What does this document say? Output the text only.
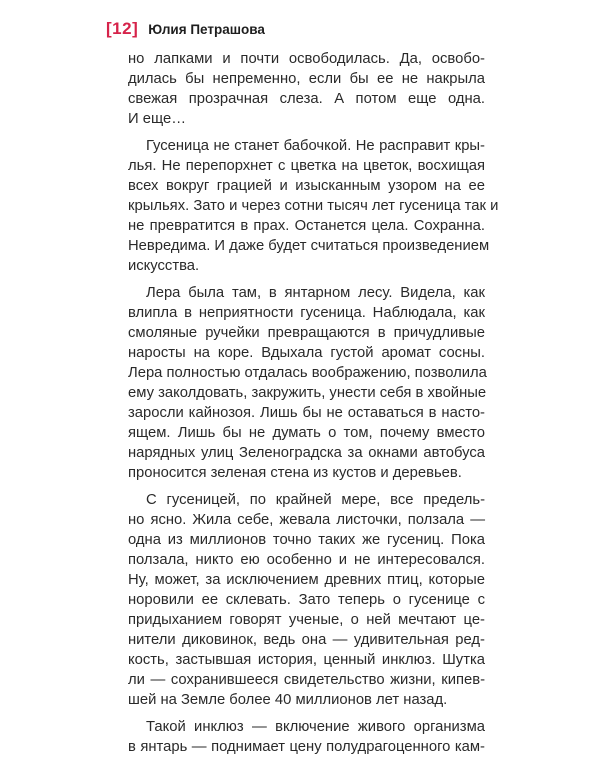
[12] Юлия Петрашова
но лапками и почти освободилась. Да, освобо-
дилась бы непременно, если бы ее не накрыла
свежая прозрачная слеза. А потом еще одна.
И еще…
Гусеница не станет бабочкой. Не расправит кры-
лья. Не перепорхнет с цветка на цветок, восхищая
всех вокруг грацией и изысканным узором на ее
крыльях. Зато и через сотни тысяч лет гусеница так и
не превратится в прах. Останется цела. Сохранна.
Невредима. И даже будет считаться произведением
искусства.
Лера была там, в янтарном лесу. Видела, как
влипла в неприятности гусеница. Наблюдала, как
смоляные ручейки превращаются в причудливые
наросты на коре. Вдыхала густой аромат сосны.
Лера полностью отдалась воображению, позволила
ему заколдовать, закружить, унести себя в хвойные
заросли кайнозоя. Лишь бы не оставаться в насто-
ящем. Лишь бы не думать о том, почему вместо
нарядных улиц Зеленоградска за окнами автобуса
проносится зеленая стена из кустов и деревьев.
С гусеницей, по крайней мере, все предель-
но ясно. Жила себе, жевала листочки, ползала —
одна из миллионов точно таких же гусениц. Пока
ползала, никто ею особенно и не интересовался.
Ну, может, за исключением древних птиц, которые
норовили ее склевать. Зато теперь о гусенице с
придыханием говорят ученые, о ней мечтают це-
нители диковинок, ведь она — удивительная ред-
кость, застывшая история, ценный инклюз. Шутка
ли — сохранившееся свидетельство жизни, кипев-
шей на Земле более 40 миллионов лет назад.
Такой инклюз — включение живого организма
в янтарь — поднимает цену полудрагоценного кам-
